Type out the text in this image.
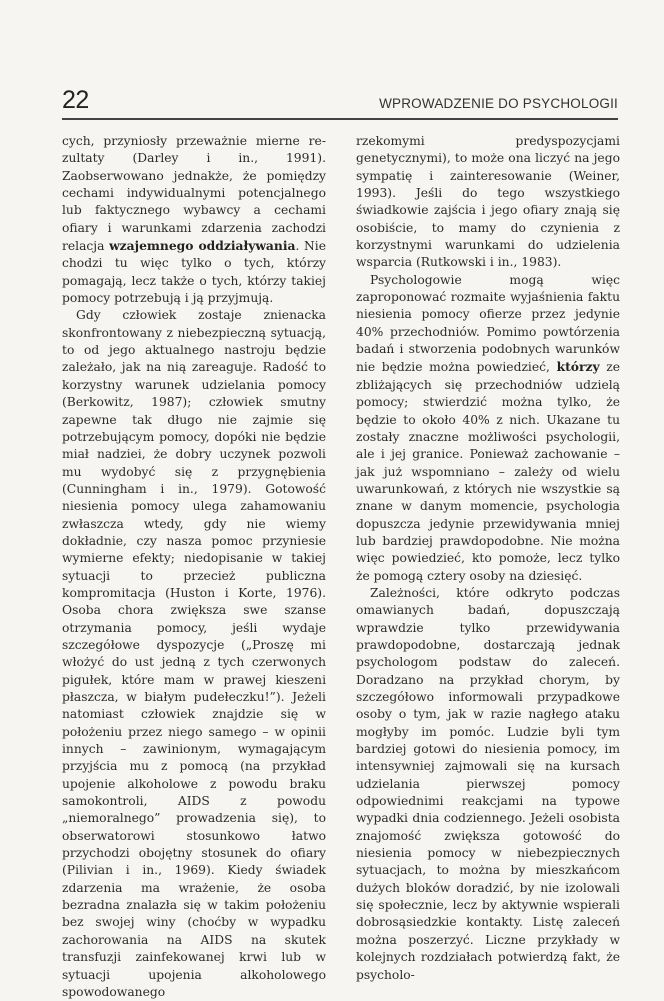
22	WPROWADZENIE DO PSYCHOLOGII

cych, przyniosły przeważnie mierne re-zultaty (Darley i in., 1991). Zaobserwowano jednakże, że pomiędzy cechami indywidualnymi potencjalnego lub faktycznego wybawcy a cechami ofiary i warunkami zdarzenia zachodzi relacja wzajemnego oddziaływania. Nie chodzi tu więc tylko o tych, którzy pomagają, lecz także o tych, którzy takiej pomocy potrzebują i ją przyjmują.

Gdy człowiek zostaje znienacka skonfrontowany z niebezpieczną sytuacją, to od jego aktualnego nastroju będzie zależało, jak na nią zareaguje. Radość to korzystny warunek udzielania pomocy (Berkowitz, 1987); człowiek smutny zapewne tak długo nie zajmie się potrzebującym pomocy, dopóki nie będzie miał nadziei, że dobry uczynek pozwoli mu wydobyć się z przygnębienia (Cunningham i in., 1979). Gotowość niesienia pomocy ulega zahamowaniu zwłaszcza wtedy, gdy nie wiemy dokładnie, czy nasza pomoc przyniesie wymierne efekty; niedopisanie w takiej sytuacji to przecież publiczna kompromitacja (Huston i Korte, 1976). Osoba chora zwiększa swe szanse otrzymania pomocy, jeśli wydaje szczegółowe dyspozycje („Proszę mi włożyć do ust jedną z tych czerwonych pigułek, które mam w prawej kieszeni płaszcza, w białym pudełeczku!”). Jeżeli natomiast człowiek znajdzie się w położeniu przez niego samego – w opinii innych – zawinionym, wymagającym przyjścia mu z pomocą (na przykład upojenie alkoholowe z powodu braku samokontroli, AIDS z powodu „niemoralnego” prowadzenia się), to obserwatorowi stosunkowo łatwo przychodzi obojętny stosunek do ofiary (Pilivian i in., 1969). Kiedy świadek zdarzenia ma wrażenie, że osoba bezradna znalazła się w takim położeniu bez swojej winy (choćby w wypadku zachorowania na AIDS na skutek transfuzji zainfekowanej krwi lub w sytuacji upojenia alkoholowego spowodowanego

rzekomymi predyspozycjami genetycznymi), to może ona liczyć na jego sympatię i zainteresowanie (Weiner, 1993). Jeśli do tego wszystkiego świadkowie zajścia i jego ofiary znają się osobiście, to mamy do czynienia z korzystnymi warunkami do udzielenia wsparcia (Rutkowski i in., 1983).

Psychologowie mogą więc zaproponować rozmaite wyjaśnienia faktu niesienia pomocy ofierze przez jedynie 40% przechodniów. Pomimo powtórzenia badań i stworzenia podobnych warunków nie będzie można powiedzieć, którzy ze zbliżających się przechodniów udzielą pomocy; stwierdzić można tylko, że będzie to około 40% z nich. Ukazane tu zostały znaczne możliwości psychologii, ale i jej granice. Ponieważ zachowanie – jak już wspomniano – zależy od wielu uwarunkowań, z których nie wszystkie są znane w danym momencie, psychologia dopuszcza jedynie przewidywania mniej lub bardziej prawdopodobne. Nie można więc powiedzieć, kto pomoże, lecz tylko że pomogą cztery osoby na dziesięć.

Zależności, które odkryto podczas omawianych badań, dopuszczają wprawdzie tylko przewidywania prawdopodobne, dostarczają jednak psychologom podstaw do zaleceń. Doradzano na przykład chorym, by szczegółowo informowali przypadkowe osoby o tym, jak w razie nagłego ataku mogłyby im pomóc. Ludzie byli tym bardziej gotowi do niesienia pomocy, im intensywniej zajmowali się na kursach udzielania pierwszej pomocy odpowiednimi reakcjami na typowe wypadki dnia codziennego. Jeżeli osobista znajomość zwiększa gotowość do niesienia pomocy w niebezpiecznych sytuacjach, to można by mieszkańcom dużych bloków doradzić, by nie izolowali się społecznie, lecz by aktywnie wspierali dobrosąsiedzkie kontakty. Listę zaleceń można poszerzyć. Liczne przykłady w kolejnych rozdziałach potwierdzą fakt, że psycholo-
